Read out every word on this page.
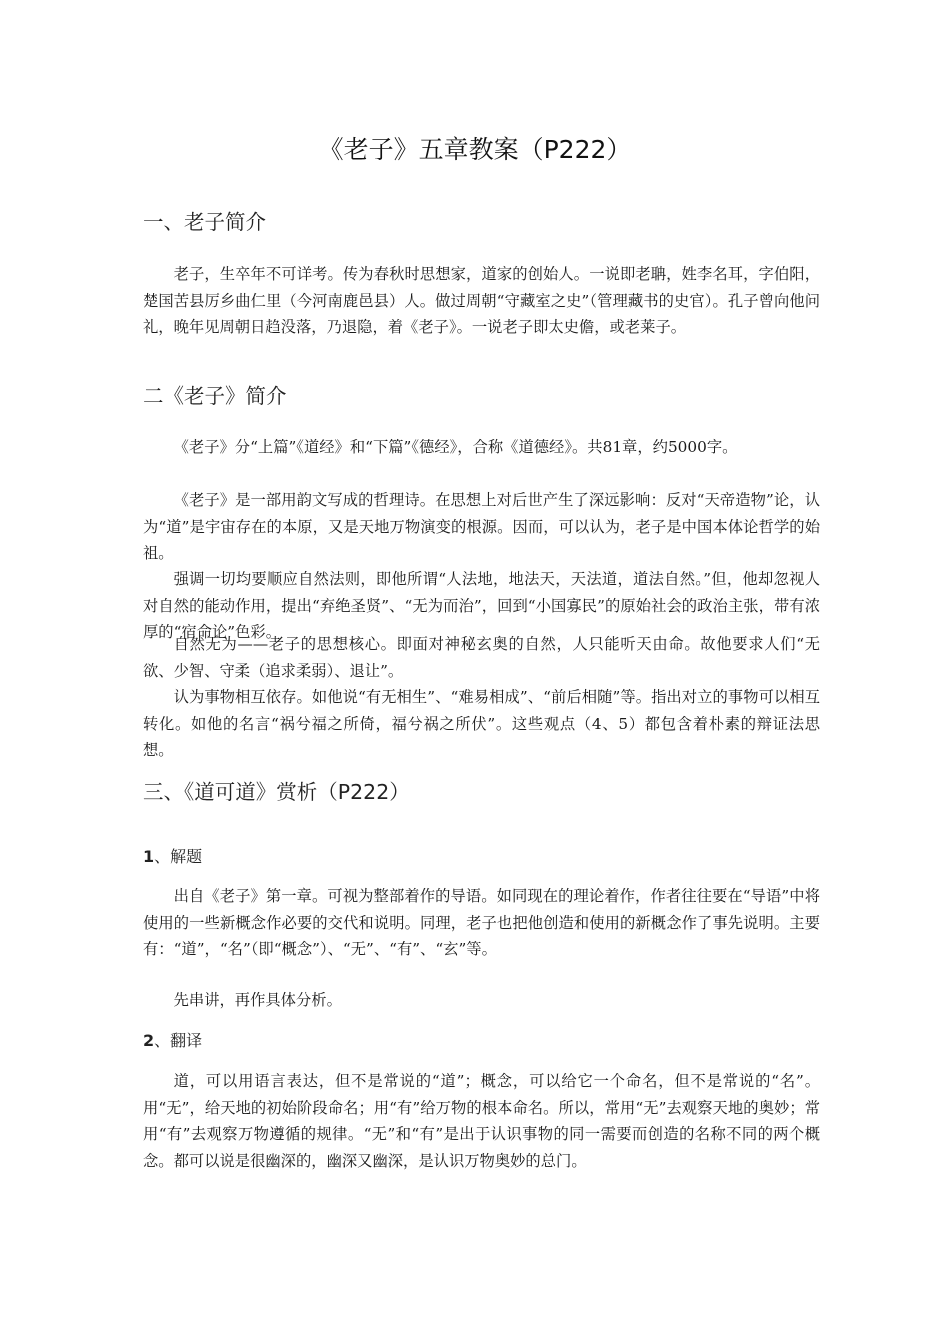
《老子》五章教案（P222）
一、老子简介

老子，生卒年不可详考。传为春秋时思想家，道家的创始人。一说即老聃，姓李名耳，字伯阳，楚国苦县厉乡曲仁里（今河南鹿邑县）人。做过周朝“守藏室之史”（管理藏书的史官）。孔子曾向他问礼，晚年见周朝日趋没落，乃退隐，着《老子》。一说老子即太史儋，或老莱子。

二《老子》简介

《老子》分“上篇”《道经》和“下篇”《德经》，合称《道德经》。共81章，约5000字。

《老子》是一部用韵文写成的哲理诗。在思想上对后世产生了深远影响：反对“天帝造物”论，认为“道”是宇宙存在的本原，又是天地万物演变的根源。因而，可以认为，老子是中国本体论哲学的始祖。

强调一切均要顺应自然法则，即他所谓“人法地，地法天，天法道，道法自然。”但，他却忽视人对自然的能动作用，提出“弃绝圣贤”、“无为而治”，回到“小国寡民”的原始社会的政治主张，带有浓厚的“宿命论”色彩。

自然无为——老子的思想核心。即面对神秘玄奥的自然，人只能听天由命。故他要求人们“无欲、少智、守柔（追求柔弱）、退让”。

认为事物相互依存。如他说“有无相生”、“难易相成”、“前后相随”等。指出对立的事物可以相互转化。如他的名言“祸兮福之所倚，福兮祸之所伏”。这些观点（4、5）都包含着朴素的辩证法思想。

三、《道可道》赏析（P222）
1、解题

出自《老子》第一章。可视为整部着作的导语。如同现在的理论着作，作者往往要在“导语”中将使用的一些新概念作必要的交代和说明。同理，老子也把他创造和使用的新概念作了事先说明。主要有：“道”，“名”（即“概念”）、“无”、“有”、“玄”等。

先串讲，再作具体分析。

2、翻译

道，可以用语言表达，但不是常说的“道”；概念，可以给它一个命名，但不是常说的“名”。用“无”，给天地的初始阶段命名；用“有”给万物的根本命名。所以，常用“无”去观察天地的奥妙；常用“有”去观察万物遵循的规律。“无”和“有”是出于认识事物的同一需要而创造的名称不同的两个概念。都可以说是很幽深的，幽深又幽深，是认识万物奥妙的总门。
